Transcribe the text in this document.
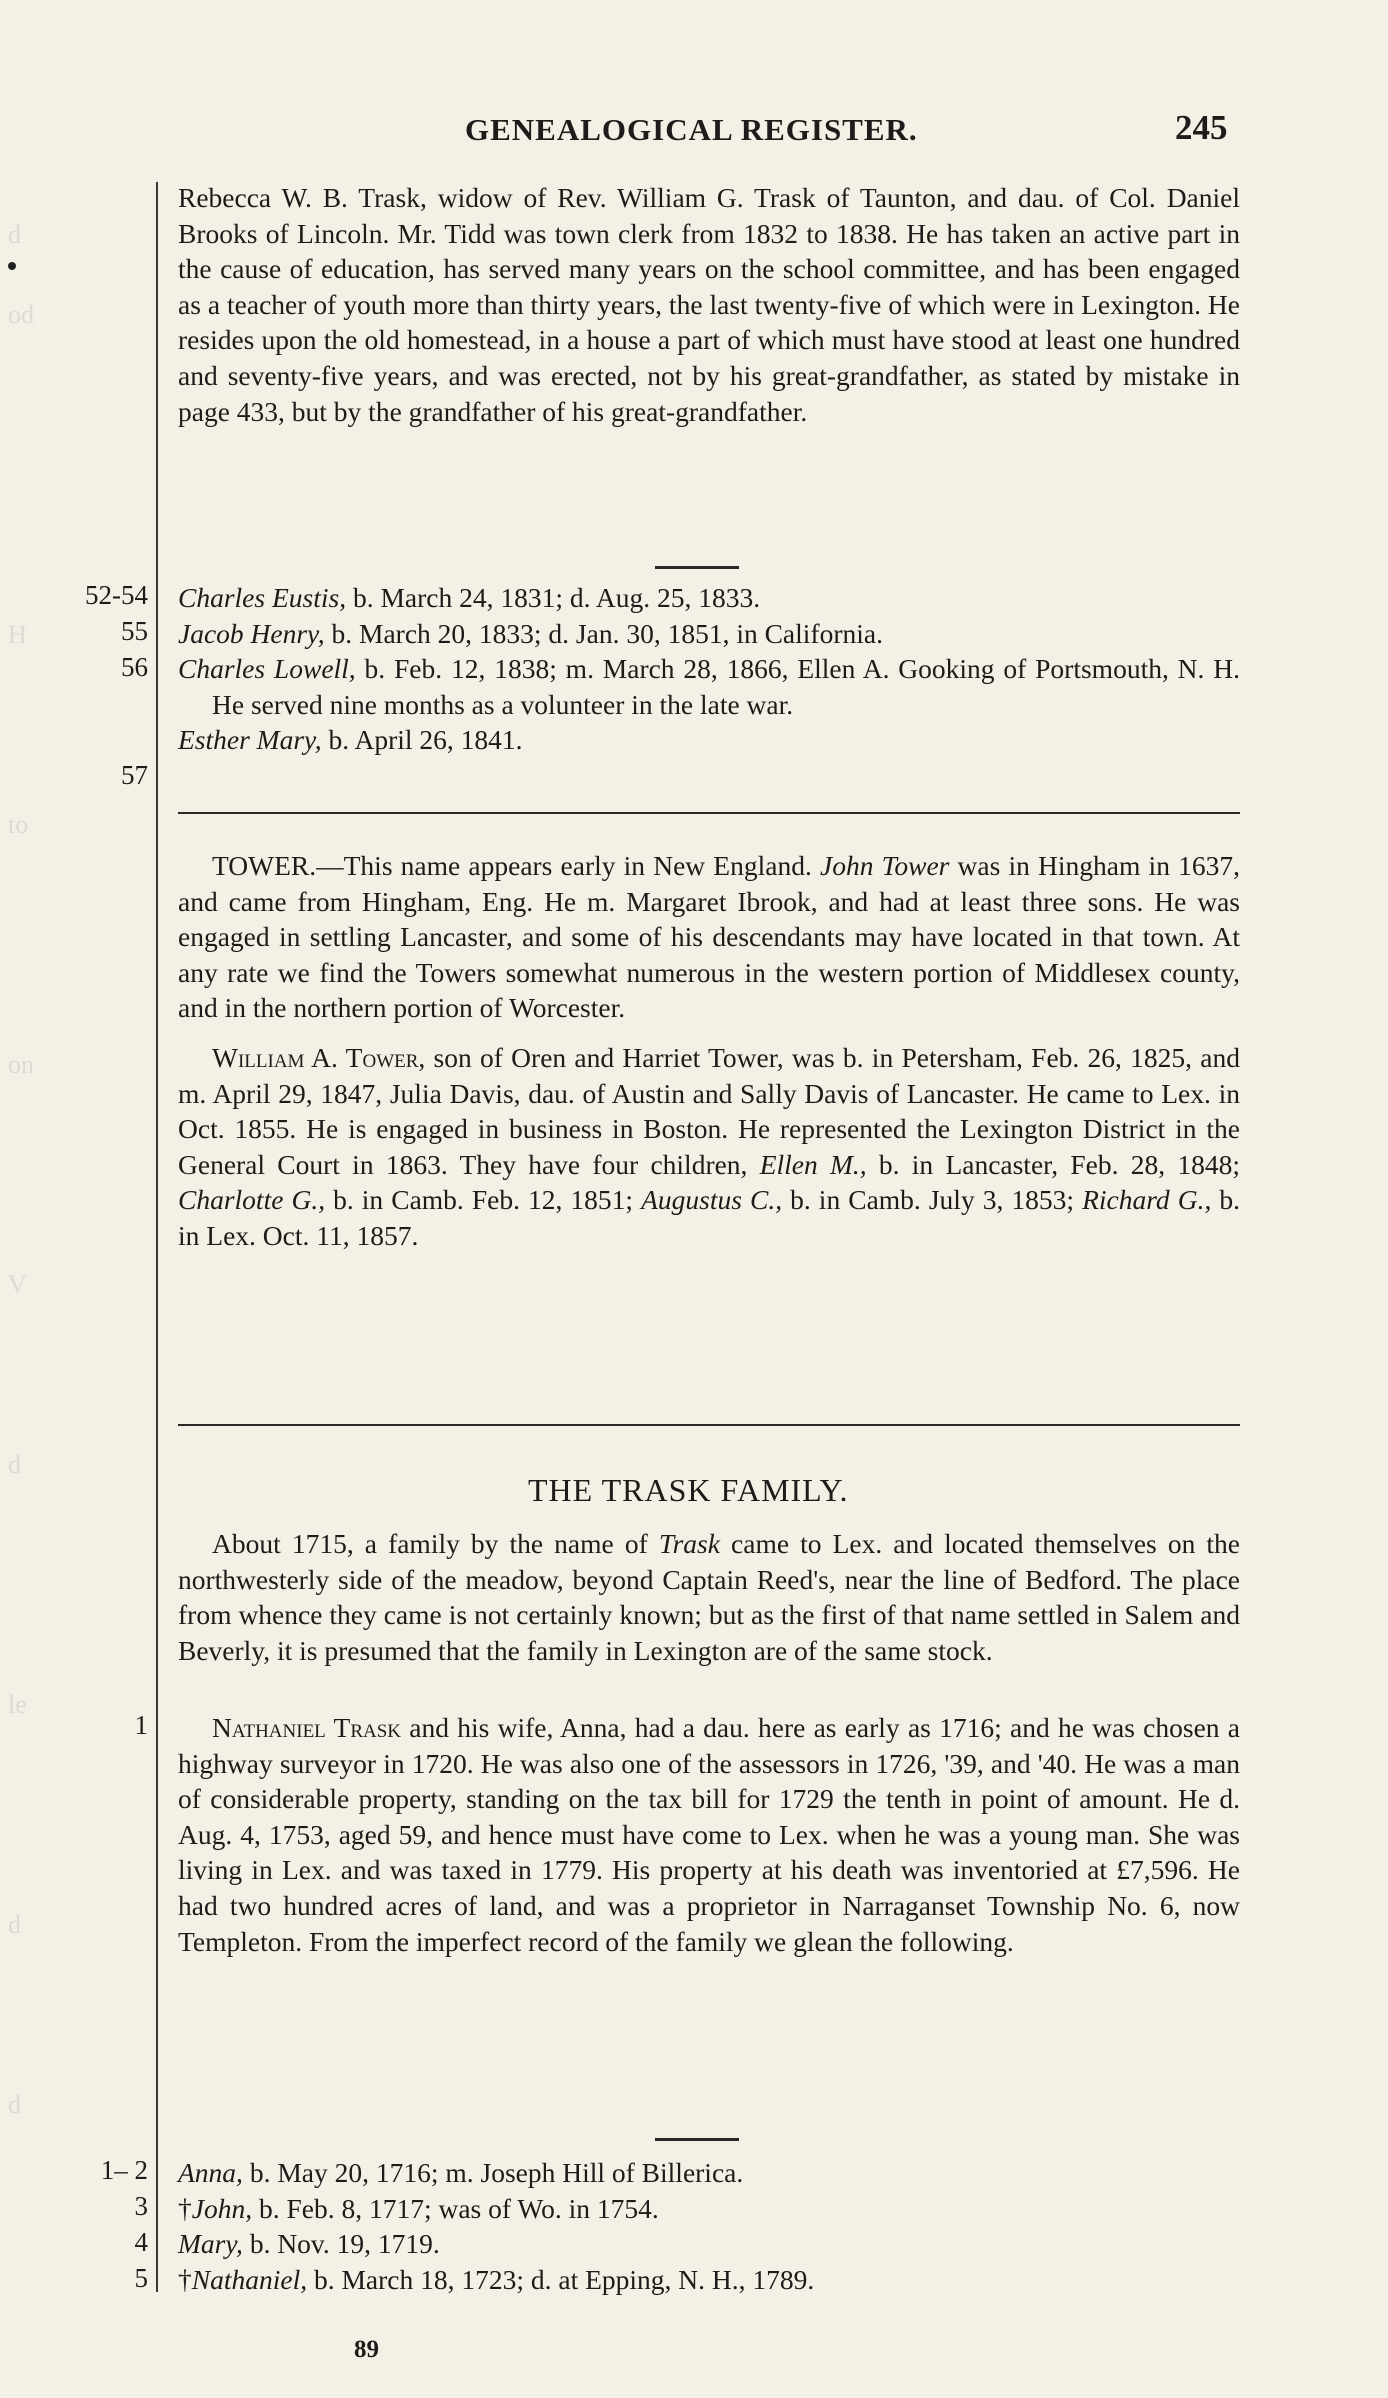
d
od
H
to
on
V
d
le
d
d
GENEALOGICAL REGISTER.	245

Rebecca W. B. Trask, widow of Rev. William G. Trask of Taunton, and dau. of Col. Daniel Brooks of Lincoln. Mr. Tidd was town clerk from 1832 to 1838. He has taken an active part in the cause of education, has served many years on the school committee, and has been engaged as a teacher of youth more than thirty years, the last twenty-five of which were in Lexington. He resides upon the old homestead, in a house a part of which must have stood at least one hundred and seventy-five years, and was erected, not by his great-grandfather, as stated by mistake in page 433, but by the grandfather of his great-grandfather.

52-54
55
56
57

Charles Eustis, b. March 24, 1831; d. Aug. 25, 1833.

Jacob Henry, b. March 20, 1833; d. Jan. 30, 1851, in California.

Charles Lowell, b. Feb. 12, 1838; m. March 28, 1866, Ellen A. Gooking of Portsmouth, N. H. He served nine months as a volunteer in the late war.

Esther Mary, b. April 26, 1841.

TOWER.—This name appears early in New England. John Tower was in Hingham in 1637, and came from Hingham, Eng. He m. Margaret Ibrook, and had at least three sons. He was engaged in settling Lancaster, and some of his descendants may have located in that town. At any rate we find the Towers somewhat numerous in the western portion of Middlesex county, and in the northern portion of Worcester.

William A. Tower, son of Oren and Harriet Tower, was b. in Petersham, Feb. 26, 1825, and m. April 29, 1847, Julia Davis, dau. of Austin and Sally Davis of Lancaster. He came to Lex. in Oct. 1855. He is engaged in business in Boston. He represented the Lexington District in the General Court in 1863. They have four children, Ellen M., b. in Lancaster, Feb. 28, 1848; Charlotte G., b. in Camb. Feb. 12, 1851; Augustus C., b. in Camb. July 3, 1853; Richard G., b. in Lex. Oct. 11, 1857.

THE TRASK FAMILY.

About 1715, a family by the name of Trask came to Lex. and located themselves on the northwesterly side of the meadow, beyond Captain Reed's, near the line of Bedford. The place from whence they came is not certainly known; but as the first of that name settled in Salem and Beverly, it is presumed that the family in Lexington are of the same stock.

1	Nathaniel Trask and his wife, Anna, had a dau. here as early as 1716; and he was chosen a highway surveyor in 1720. He was also one of the assessors in 1726, '39, and '40. He was a man of considerable property, standing on the tax bill for 1729 the tenth in point of amount. He d. Aug. 4, 1753, aged 59, and hence must have come to Lex. when he was a young man. She was living in Lex. and was taxed in 1779. His property at his death was inventoried at £7,596. He had two hundred acres of land, and was a proprietor in Narraganset Township No. 6, now Templeton. From the imperfect record of the family we glean the following.

1– 2
3
4
5

Anna, b. May 20, 1716; m. Joseph Hill of Billerica.

†John, b. Feb. 8, 1717; was of Wo. in 1754.

Mary, b. Nov. 19, 1719.

†Nathaniel, b. March 18, 1723; d. at Epping, N. H., 1789.

89
